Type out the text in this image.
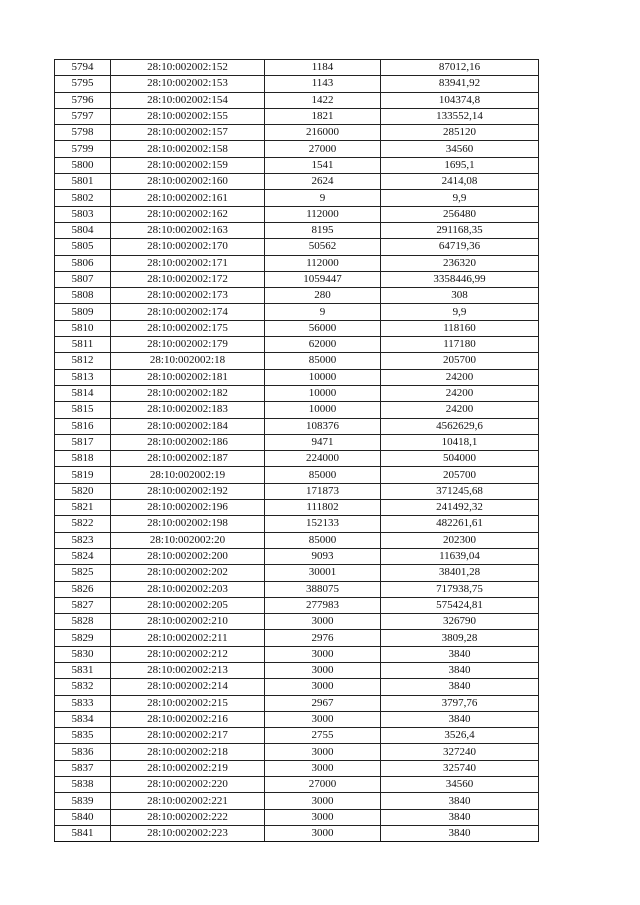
5794	28:10:002002:152	1184	87012,16
5795	28:10:002002:153	1143	83941,92
5796	28:10:002002:154	1422	104374,8
5797	28:10:002002:155	1821	133552,14
5798	28:10:002002:157	216000	285120
5799	28:10:002002:158	27000	34560
5800	28:10:002002:159	1541	1695,1
5801	28:10:002002:160	2624	2414,08
5802	28:10:002002:161	9	9,9
5803	28:10:002002:162	112000	256480
5804	28:10:002002:163	8195	291168,35
5805	28:10:002002:170	50562	64719,36
5806	28:10:002002:171	112000	236320
5807	28:10:002002:172	1059447	3358446,99
5808	28:10:002002:173	280	308
5809	28:10:002002:174	9	9,9
5810	28:10:002002:175	56000	118160
5811	28:10:002002:179	62000	117180
5812	28:10:002002:18	85000	205700
5813	28:10:002002:181	10000	24200
5814	28:10:002002:182	10000	24200
5815	28:10:002002:183	10000	24200
5816	28:10:002002:184	108376	4562629,6
5817	28:10:002002:186	9471	10418,1
5818	28:10:002002:187	224000	504000
5819	28:10:002002:19	85000	205700
5820	28:10:002002:192	171873	371245,68
5821	28:10:002002:196	111802	241492,32
5822	28:10:002002:198	152133	482261,61
5823	28:10:002002:20	85000	202300
5824	28:10:002002:200	9093	11639,04
5825	28:10:002002:202	30001	38401,28
5826	28:10:002002:203	388075	717938,75
5827	28:10:002002:205	277983	575424,81
5828	28:10:002002:210	3000	326790
5829	28:10:002002:211	2976	3809,28
5830	28:10:002002:212	3000	3840
5831	28:10:002002:213	3000	3840
5832	28:10:002002:214	3000	3840
5833	28:10:002002:215	2967	3797,76
5834	28:10:002002:216	3000	3840
5835	28:10:002002:217	2755	3526,4
5836	28:10:002002:218	3000	327240
5837	28:10:002002:219	3000	325740
5838	28:10:002002:220	27000	34560
5839	28:10:002002:221	3000	3840
5840	28:10:002002:222	3000	3840
5841	28:10:002002:223	3000	3840
